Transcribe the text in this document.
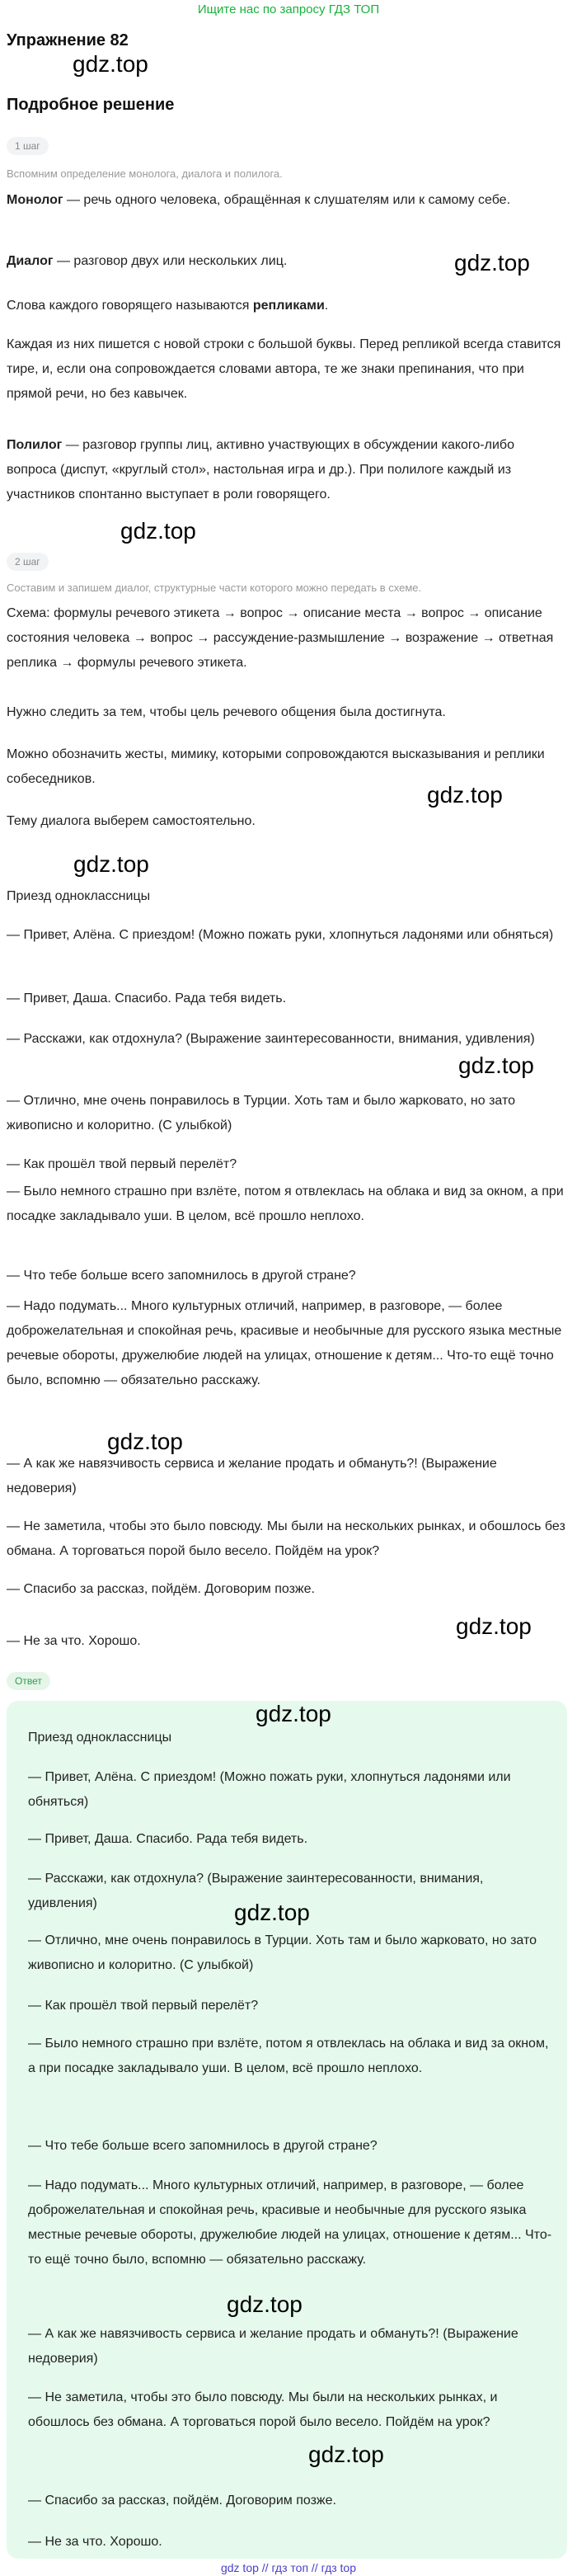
Ищите нас по запросу ГДЗ ТОП
Упражнение 82
gdz.top
Подробное решение
1 шаг
Вспомним определение монолога, диалога и полилога.
Монолог — речь одного человека, обращённая к слушателям или к самому себе.
Диалог — разговор двух или нескольких лиц.	gdz.top
Слова каждого говорящего называются репликами.
Каждая из них пишется с новой строки с большой буквы. Перед репликой всегда ставится тире, и, если она сопровождается словами автора, те же знаки препинания, что при прямой речи, но без кавычек.
Полилог — разговор группы лиц, активно участвующих в обсуждении какого-либо вопроса (диспут, «круглый стол», настольная игра и др.). При полилоге каждый из участников спонтанно выступает в роли говорящего.
gdz.top
2 шаг
Составим и запишем диалог, структурные части которого можно передать в схеме.
Схема: формулы речевого этикета → вопрос → описание места → вопрос → описание состояния человека → вопрос → рассуждение-размышление → возражение → ответная реплика → формулы речевого этикета.
Нужно следить за тем, чтобы цель речевого общения была достигнута.
Можно обозначить жесты, мимику, которыми сопровождаются высказывания и реплики собеседников.
gdz.top
Тему диалога выберем самостоятельно.
gdz.top
Приезд одноклассницы
— Привет, Алёна. С приездом! (Можно пожать руки, хлопнуться ладонями или обняться)
— Привет, Даша. Спасибо. Рада тебя видеть.
— Расскажи, как отдохнула? (Выражение заинтересованности, внимания, удивления)
gdz.top
— Отлично, мне очень понравилось в Турции. Хоть там и было жарковато, но зато живописно и колоритно. (С улыбкой)
— Как прошёл твой первый перелёт?
— Было немного страшно при взлёте, потом я отвлеклась на облака и вид за окном, а при посадке закладывало уши. В целом, всё прошло неплохо.
— Что тебе больше всего запомнилось в другой стране?
— Надо подумать... Много культурных отличий, например, в разговоре, — более доброжелательная и спокойная речь, красивые и необычные для русского языка местные речевые обороты, дружелюбие людей на улицах, отношение к детям... Что-то ещё точно было, вспомню — обязательно расскажу.
gdz.top
— А как же навязчивость сервиса и желание продать и обмануть?! (Выражение недоверия)
— Не заметила, чтобы это было повсюду. Мы были на нескольких рынках, и обошлось без обмана. А торговаться порой было весело. Пойдём на урок?
— Спасибо за рассказ, пойдём. Договорим позже.
gdz.top
— Не за что. Хорошо.
Ответ
gdz.top
Приезд одноклассницы
— Привет, Алёна. С приездом! (Можно пожать руки, хлопнуться ладонями или обняться)
— Привет, Даша. Спасибо. Рада тебя видеть.
— Расскажи, как отдохнула? (Выражение заинтересованности, внимания, удивления)	gdz.top
— Отлично, мне очень понравилось в Турции. Хоть там и было жарковато, но зато живописно и колоритно. (С улыбкой)
— Как прошёл твой первый перелёт?
— Было немного страшно при взлёте, потом я отвлеклась на облака и вид за окном, а при посадке закладывало уши. В целом, всё прошло неплохо.
— Что тебе больше всего запомнилось в другой стране?
— Надо подумать... Много культурных отличий, например, в разговоре, — более доброжелательная и спокойная речь, красивые и необычные для русского языка местные речевые обороты, дружелюбие людей на улицах, отношение к детям... Что-то ещё точно было, вспомню — обязательно расскажу.
gdz.top
— А как же навязчивость сервиса и желание продать и обмануть?! (Выражение недоверия)
— Не заметила, чтобы это было повсюду. Мы были на нескольких рынках, и обошлось без обмана. А торговаться порой было весело. Пойдём на урок?
gdz.top
— Спасибо за рассказ, пойдём. Договорим позже.
— Не за что. Хорошо.
gdz top // гдз топ // гдз top
